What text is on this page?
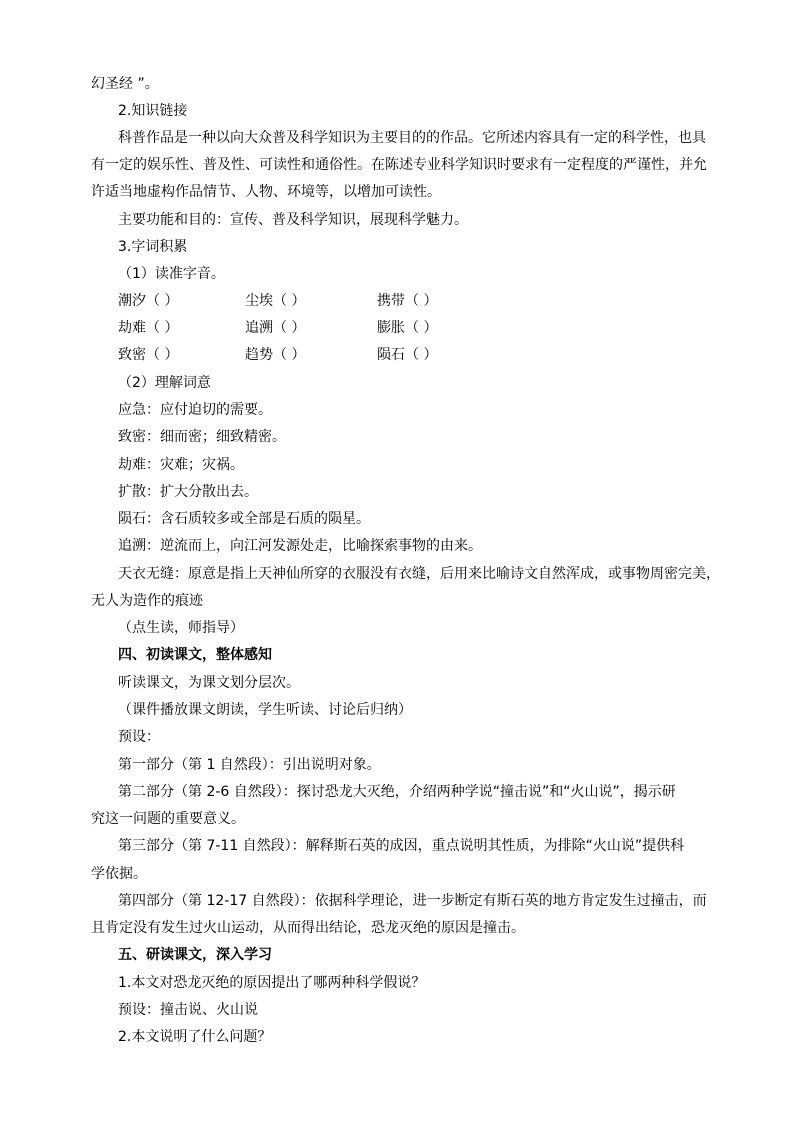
幻圣经 ”。
2.知识链接
科普作品是一种以向大众普及科学知识为主要目的的作品。它所述内容具有一定的科学性，也具
有一定的娱乐性、普及性、可读性和通俗性。在陈述专业科学知识时要求有一定程度的严谨性，并允
许适当地虚构作品情节、人物、环境等，以增加可读性。
主要功能和目的：宣传、普及科学知识，展现科学魅力。
3.字词积累
（1）读准字音。
潮汐（ ）	尘埃（ ）	携带（ ）
劫难（ ）	追溯（ ）	膨胀（ ）
致密（ ）	趋势（ ）	陨石（ ）
（2）理解词意
应急：应付迫切的需要。
致密：细而密；细致精密。
劫难：灾难；灾祸。
扩散：扩大分散出去。
陨石：含石质较多或全部是石质的陨星。
追溯：逆流而上，向江河发源处走，比喻探索事物的由来。
天衣无缝：原意是指上天神仙所穿的衣服没有衣缝，后用来比喻诗文自然浑成，或事物周密完美，
无人为造作的痕迹
（点生读，师指导）
四、初读课文，整体感知
听读课文，为课文划分层次。
（课件播放课文朗读，学生听读、讨论后归纳）
预设：
第一部分（第 1 自然段）：引出说明对象。
第二部分（第 2-6 自然段）：探讨恐龙大灭绝，介绍两种学说“撞击说”和“火山说”，揭示研
究这一问题的重要意义。
第三部分（第 7-11 自然段）：解释斯石英的成因，重点说明其性质，为排除“火山说”提供科
学依据。
第四部分（第 12-17 自然段）：依据科学理论，进一步断定有斯石英的地方肯定发生过撞击，而
且肯定没有发生过火山运动，从而得出结论，恐龙灭绝的原因是撞击。
五、研读课文，深入学习
1.本文对恐龙灭绝的原因提出了哪两种科学假说？
预设：撞击说、火山说
2.本文说明了什么问题？
